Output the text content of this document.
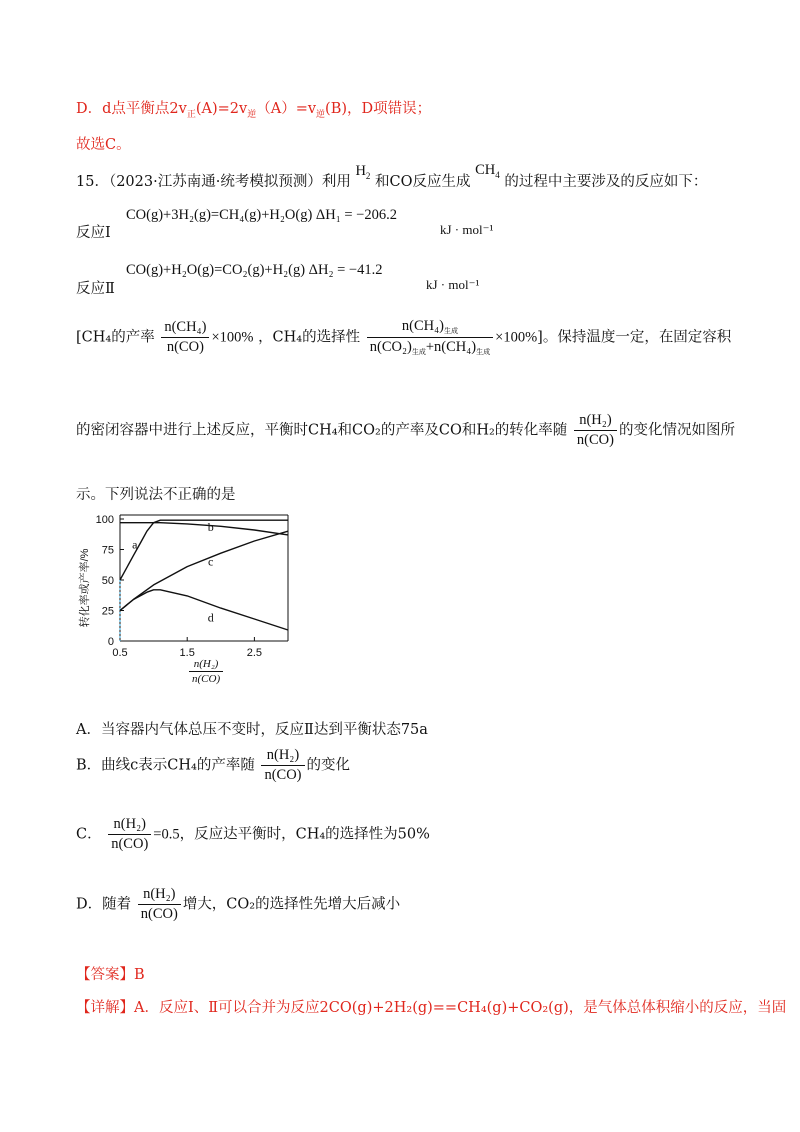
D．d点平衡点$2v_正(A)=2v_逆(A)=v_逆(B)$，D项错误；
故选C。
15．（2023·江苏南通·统考模拟预测）利用 $H_2$ 和CO反应生成 $CH_4$ 的过程中主要涉及的反应如下：
反应Ⅰ
CO(g)+3H₂(g)=CH₄(g)+H₂O(g) ΔH₁ = −206.2
kJ · mol⁻¹
反应Ⅱ
CO(g)+H₂O(g)=CO₂(g)+H₂(g) ΔH₂ = −41.2
kJ · mol⁻¹
[CH₄的产率 $\frac{\text{n(CH₄)}}{n(CO)} \times 100\%$ ，CH₄的选择性 $\frac{n(CH_4)_{生成}}{n(CO_2)_{生成}+n(CH_4)_{生成}} \times 100\%$]。保持温度一定，在固定容积
的密闭容器中进行上述反应，平衡时CH₄和CO₂的产率及CO和H₂的转化率随 $\frac{\text{n(H₂)}}{n(CO)}$ 的变化情况如图所
示。下列说法不正确的是
0
25
50
75
100
0.5	1.5	2.5
a
b
c
d
转化率或产率/%
$\frac{\text{n(H₂)}}{n(CO)}$
A．当容器内气体总压不变时，反应Ⅱ达到平衡状态75a
B．曲线c表示CH₄的产率随 $\frac{\text{n(H₂)}}{n(CO)}$ 的变化
C． $\frac{\text{n(H₂)}}{n(CO)} =0.5$，反应达平衡时，CH₄的选择性为50%
D．随着 $\frac{\text{n(H₂)}}{n(CO)}$ 增大，CO₂的选择性先增大后减小
【答案】B
【详解】A．反应Ⅰ、Ⅱ可以合并为反应2CO(g)+2H₂(g)==CH₄(g)+CO₂(g)，是气体总体积缩小的反应，当固
